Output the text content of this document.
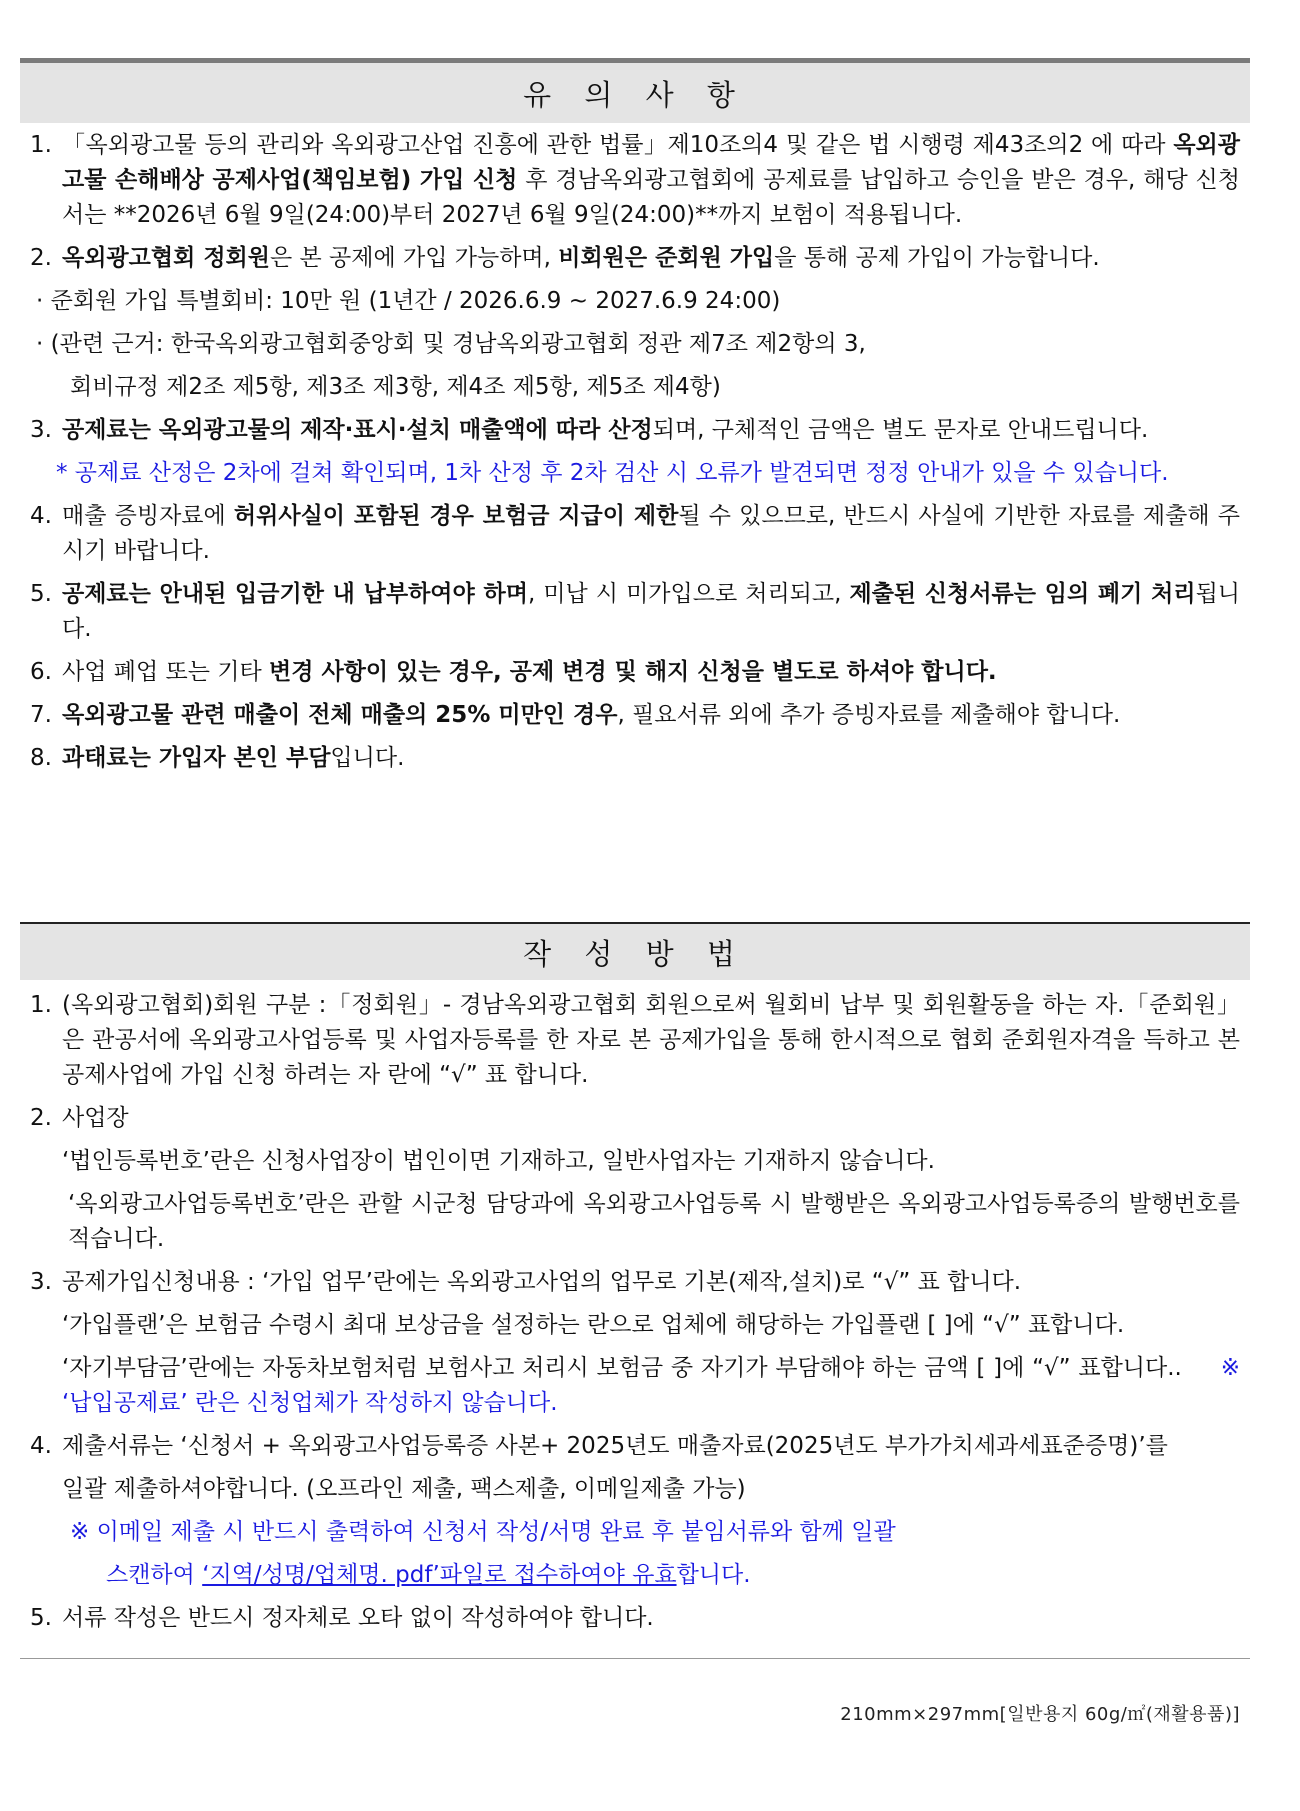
유 의 사 항
1. 「옥외광고물 등의 관리와 옥외광고산업 진흥에 관한 법률」제10조의4 및 같은 법 시행령 제43조의2 에 따라 옥외광고물 손해배상 공제사업(책임보험) 가입 신청 후 경남옥외광고협회에 공제료를 납입하고 승인을 받은 경우, 해당 신청서는 **2026년 6월 9일(24:00)부터 2027년 6월 9일(24:00)**까지 보험이 적용됩니다.
2. 옥외광고협회 정회원은 본 공제에 가입 가능하며, 비회원은 준회원 가입을 통해 공제 가입이 가능합니다.
· 준회원 가입 특별회비: 10만 원 (1년간 / 2026.6.9 ~ 2027.6.9 24:00)
· (관련 근거: 한국옥외광고협회중앙회 및 경남옥외광고협회 정관 제7조 제2항의 3,
회비규정 제2조 제5항, 제3조 제3항, 제4조 제5항, 제5조 제4항)
3. 공제료는 옥외광고물의 제작·표시·설치 매출액에 따라 산정되며, 구체적인 금액은 별도 문자로 안내드립니다.
* 공제료 산정은 2차에 걸쳐 확인되며, 1차 산정 후 2차 검산 시 오류가 발견되면 정정 안내가 있을 수 있습니다.
4. 매출 증빙자료에 허위사실이 포함된 경우 보험금 지급이 제한될 수 있으므로, 반드시 사실에 기반한 자료를 제출해 주시기 바랍니다.
5. 공제료는 안내된 입금기한 내 납부하여야 하며, 미납 시 미가입으로 처리되고, 제출된 신청서류는 임의 폐기 처리됩니다.
6. 사업 폐업 또는 기타 변경 사항이 있는 경우, 공제 변경 및 해지 신청을 별도로 하셔야 합니다.
7. 옥외광고물 관련 매출이 전체 매출의 25% 미만인 경우, 필요서류 외에 추가 증빙자료를 제출해야 합니다.
8. 과태료는 가입자 본인 부담입니다.
작 성 방 법
1. (옥외광고협회)회원 구분 :「정회원」- 경남옥외광고협회 회원으로써 월회비 납부 및 회원활동을 하는 자.「준회원」은 관공서에 옥외광고사업등록 및 사업자등록를 한 자로 본 공제가입을 통해 한시적으로 협회 준회원자격을 득하고 본 공제사업에 가입 신청 하려는 자 란에 “√” 표 합니다.
2. 사업장
‘법인등록번호’란은 신청사업장이 법인이면 기재하고, 일반사업자는 기재하지 않습니다.
‘옥외광고사업등록번호’란은 관할 시군청 담당과에 옥외광고사업등록 시 발행받은 옥외광고사업등록증의 발행번호를 적습니다.
3. 공제가입신청내용 : ‘가입 업무’란에는 옥외광고사업의 업무로 기본(제작,설치)로 “√” 표 합니다.
‘가입플랜’은 보험금 수령시 최대 보상금을 설정하는 란으로 업체에 해당하는 가입플랜 [ ]에 “√” 표합니다.
‘자기부담금’란에는 자동차보험처럼 보험사고 처리시 보험금 중 자기가 부담해야 하는 금액 [ ]에 “√” 표합니다.. ※ ‘납입공제료’ 란은 신청업체가 작성하지 않습니다.
4. 제출서류는 ‘신청서 + 옥외광고사업등록증 사본+ 2025년도 매출자료(2025년도 부가가치세과세표준증명)’를
일괄 제출하셔야합니다. (오프라인 제출, 팩스제출, 이메일제출 가능)
※ 이메일 제출 시 반드시 출력하여 신청서 작성/서명 완료 후 붙임서류와 함께 일괄
스캔하여 ‘지역/성명/업체명. pdf’파일로 접수하여야 유효합니다.
5. 서류 작성은 반드시 정자체로 오타 없이 작성하여야 합니다.
210mm×297mm[일반용지 60g/㎡(재활용품)]
